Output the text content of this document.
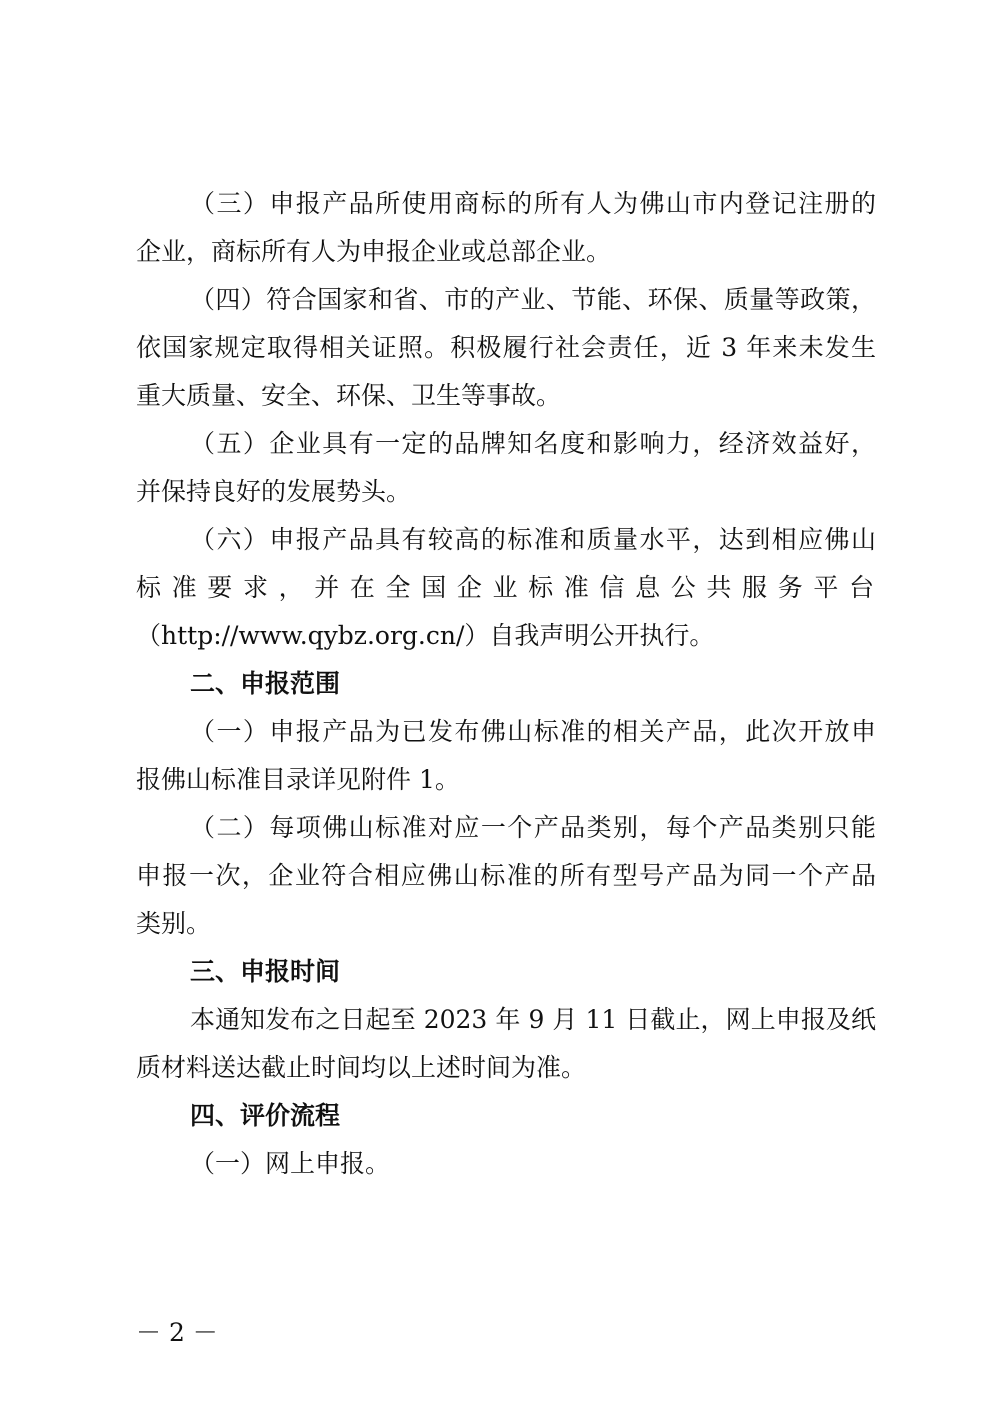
（三）申报产品所使用商标的所有人为佛山市内登记注册的
企业，商标所有人为申报企业或总部企业。
（四）符合国家和省、市的产业、节能、环保、质量等政策，
依国家规定取得相关证照。积极履行社会责任，近 3 年来未发生
重大质量、安全、环保、卫生等事故。
（五）企业具有一定的品牌知名度和影响力，经济效益好，
并保持良好的发展势头。
（六）申报产品具有较高的标准和质量水平，达到相应佛山
标准要求，并在全国企业标准信息公共服务平台
（http://www.qybz.org.cn/）自我声明公开执行。
二、申报范围
（一）申报产品为已发布佛山标准的相关产品，此次开放申
报佛山标准目录详见附件 1。
（二）每项佛山标准对应一个产品类别，每个产品类别只能
申报一次，企业符合相应佛山标准的所有型号产品为同一个产品
类别。
三、申报时间
本通知发布之日起至 2023 年 9 月 11 日截止，网上申报及纸
质材料送达截止时间均以上述时间为准。
四、评价流程
（一）网上申报。
－ 2 －
